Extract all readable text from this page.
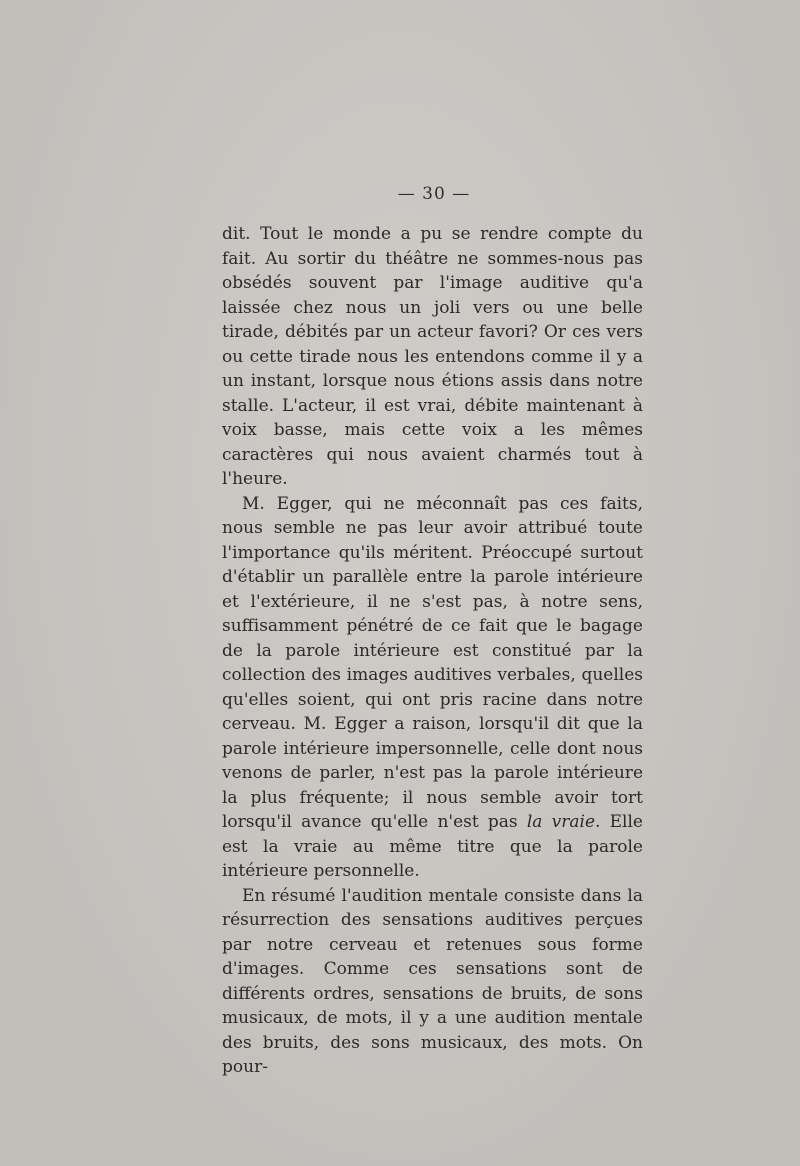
— 30 —

dit. Tout le monde a pu se rendre compte du fait. Au sortir du théâtre ne sommes-nous pas obsédés souvent par l'image auditive qu'a laissée chez nous un joli vers ou une belle tirade, débités par un acteur favori? Or ces vers ou cette tirade nous les entendons comme il y a un instant, lorsque nous étions assis dans notre stalle. L'acteur, il est vrai, débite maintenant à voix basse, mais cette voix a les mêmes caractères qui nous avaient charmés tout à l'heure.

M. Egger, qui ne méconnaît pas ces faits, nous semble ne pas leur avoir attribué toute l'importance qu'ils méritent. Préoccupé surtout d'établir un parallèle entre la parole intérieure et l'extérieure, il ne s'est pas, à notre sens, suffisamment pénétré de ce fait que le bagage de la parole intérieure est constitué par la collection des images auditives verbales, quelles qu'elles soient, qui ont pris racine dans notre cerveau. M. Egger a raison, lorsqu'il dit que la parole intérieure impersonnelle, celle dont nous venons de parler, n'est pas la parole intérieure la plus fréquente; il nous semble avoir tort lorsqu'il avance qu'elle n'est pas la vraie. Elle est la vraie au même titre que la parole intérieure personnelle.

En résumé l'audition mentale consiste dans la résurrection des sensations auditives perçues par notre cerveau et retenues sous forme d'images. Comme ces sensations sont de différents ordres, sensations de bruits, de sons musicaux, de mots, il y a une audition mentale des bruits, des sons musicaux, des mots. On pour-
